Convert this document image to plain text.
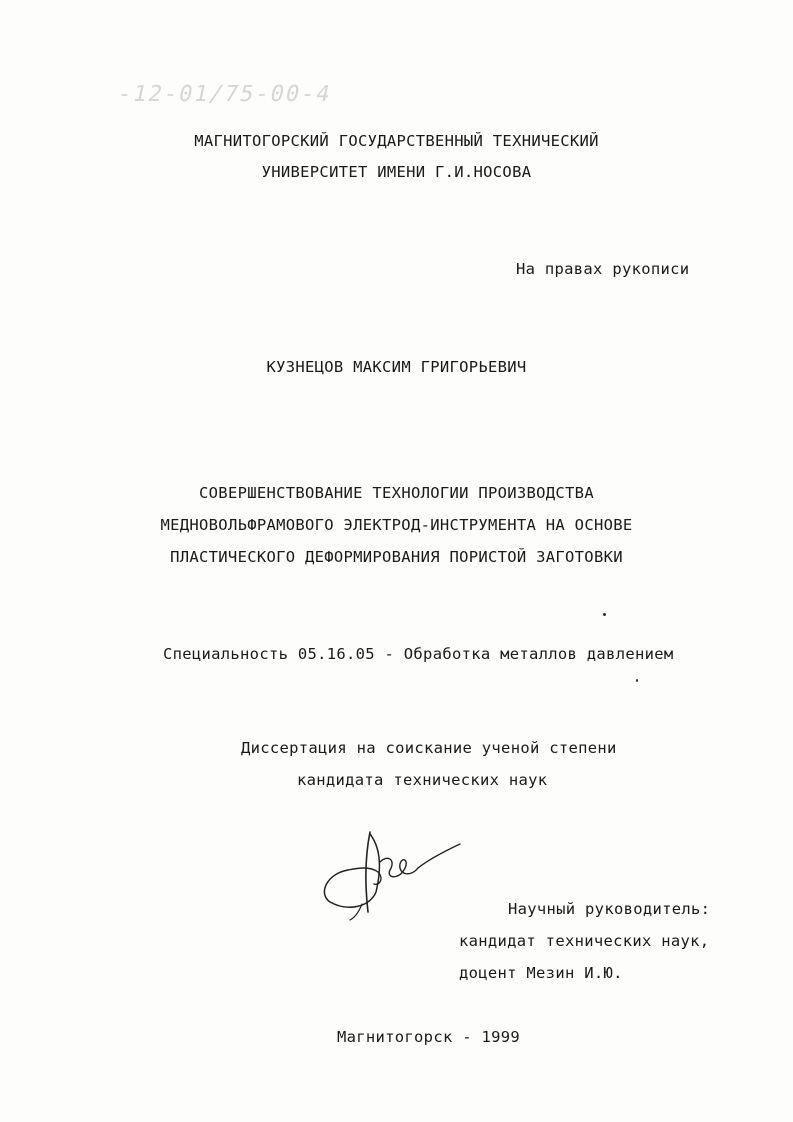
-12-01/75-00-4
МАГНИТОГОРСКИЙ ГОСУДАРСТВЕННЫЙ ТЕХНИЧЕСКИЙ
УНИВЕРСИТЕТ ИМЕНИ Г.И.НОСОВА
На правах рукописи
КУЗНЕЦОВ МАКСИМ ГРИГОРЬЕВИЧ
СОВЕРШЕНСТВОВАНИЕ ТЕХНОЛОГИИ ПРОИЗВОДСТВА
МЕДНОВОЛЬФРАМОВОГО ЭЛЕКТРОД-ИНСТРУМЕНТА НА ОСНОВЕ
ПЛАСТИЧЕСКОГО ДЕФОРМИРОВАНИЯ ПОРИСТОЙ ЗАГОТОВКИ
Специальность 05.16.05 - Обработка металлов давлением
Диссертация на соискание ученой степени
кандидата технических наук
Научный руководитель:
кандидат технических наук,
доцент Мезин И.Ю.
Магнитогорск - 1999
